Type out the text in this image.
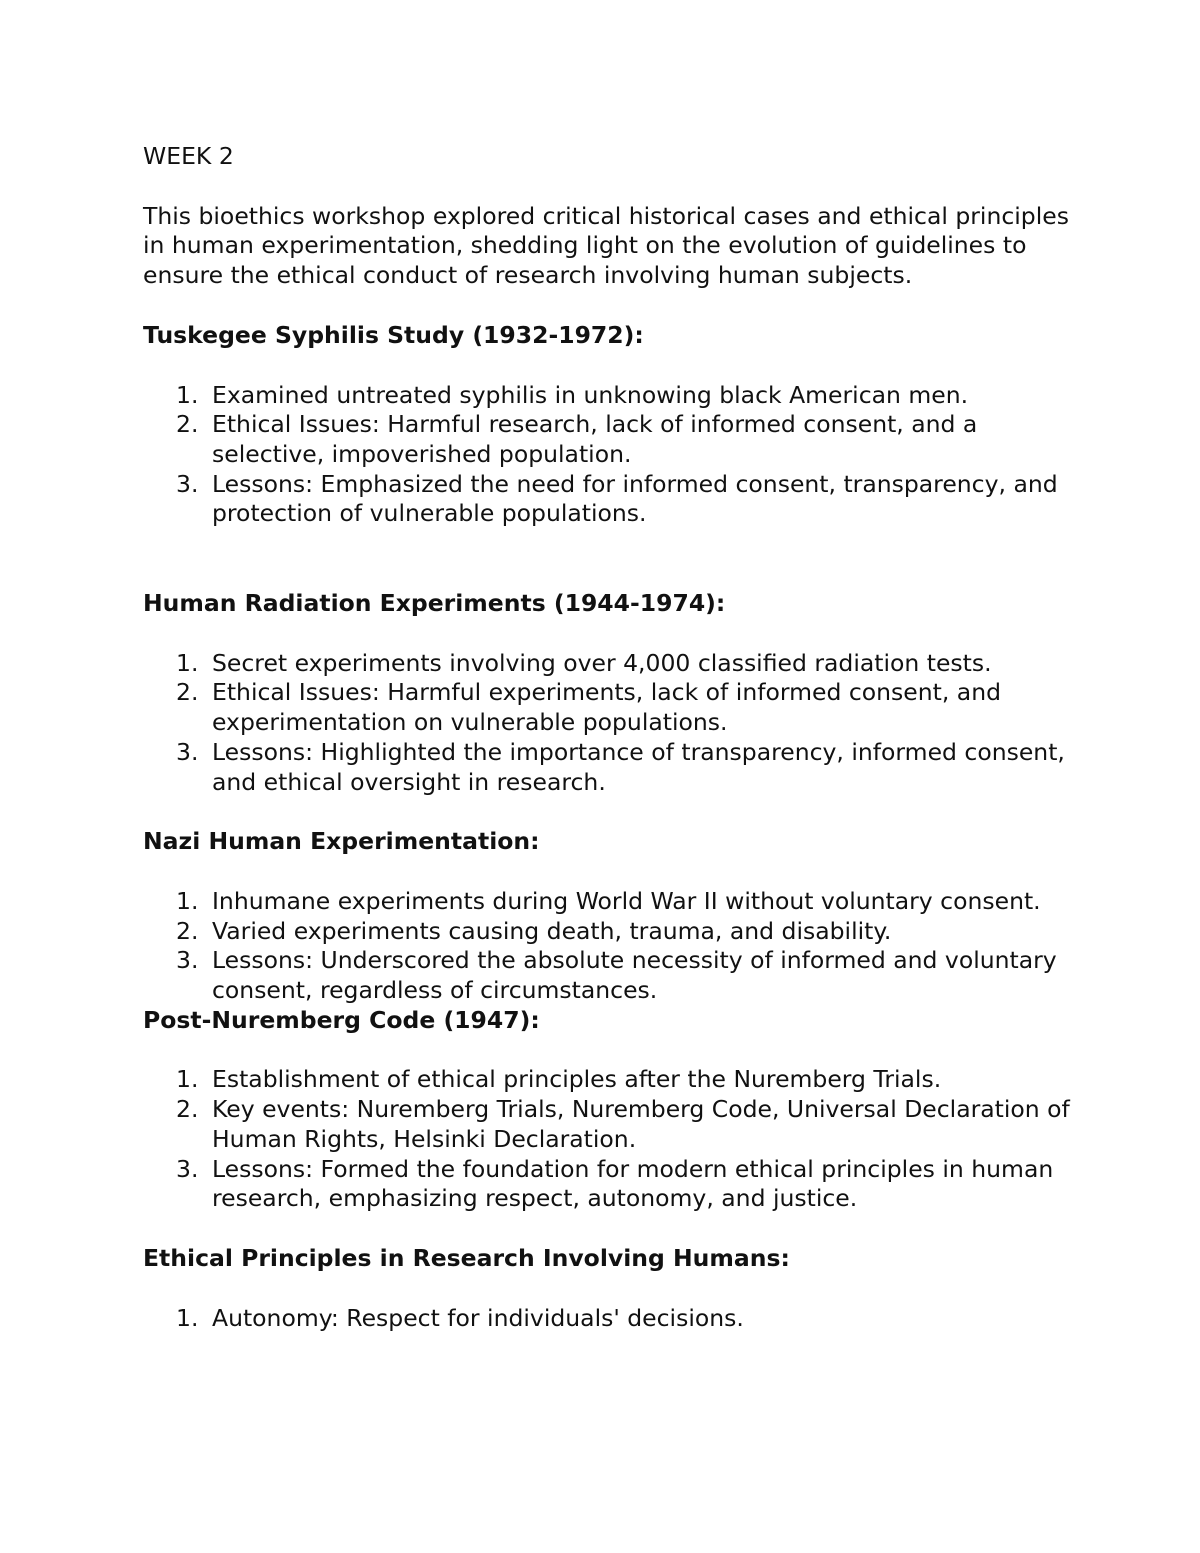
WEEK 2
This bioethics workshop explored critical historical cases and ethical principles in human experimentation, shedding light on the evolution of guidelines to ensure the ethical conduct of research involving human subjects.
Tuskegee Syphilis Study (1932-1972):
1. Examined untreated syphilis in unknowing black American men.
2. Ethical Issues: Harmful research, lack of informed consent, and a selective, impoverished population.
3. Lessons: Emphasized the need for informed consent, transparency, and protection of vulnerable populations.
Human Radiation Experiments (1944-1974):
1. Secret experiments involving over 4,000 classified radiation tests.
2. Ethical Issues: Harmful experiments, lack of informed consent, and experimentation on vulnerable populations.
3. Lessons: Highlighted the importance of transparency, informed consent, and ethical oversight in research.
Nazi Human Experimentation:
1. Inhumane experiments during World War II without voluntary consent.
2. Varied experiments causing death, trauma, and disability.
3. Lessons: Underscored the absolute necessity of informed and voluntary consent, regardless of circumstances.
Post-Nuremberg Code (1947):
1. Establishment of ethical principles after the Nuremberg Trials.
2. Key events: Nuremberg Trials, Nuremberg Code, Universal Declaration of Human Rights, Helsinki Declaration.
3. Lessons: Formed the foundation for modern ethical principles in human research, emphasizing respect, autonomy, and justice.
Ethical Principles in Research Involving Humans:
1. Autonomy: Respect for individuals' decisions.
